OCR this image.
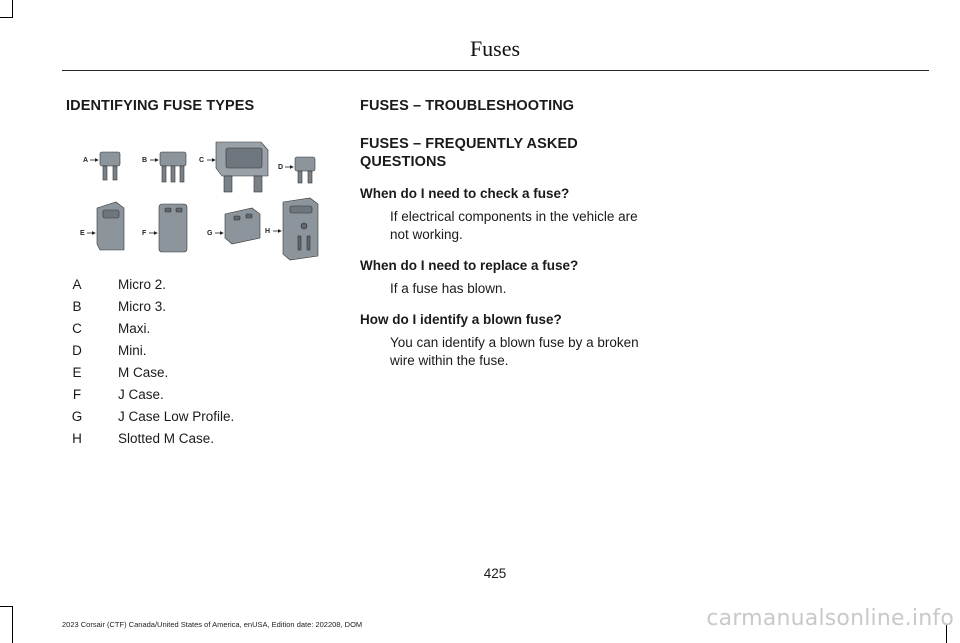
Fuses
IDENTIFYING FUSE TYPES
A	B	C
D
E	F	G	H
A	Micro 2.
B	Micro 3.
C	Maxi.
D	Mini.
E	M Case.
F	J Case.
G	J Case Low Profile.
H	Slotted M Case.
FUSES – TROUBLESHOOTING
FUSES – FREQUENTLY ASKED QUESTIONS
When do I need to check a fuse?
If electrical components in the vehicle are not working.
When do I need to replace a fuse?
If a fuse has blown.
How do I identify a blown fuse?
You can identify a blown fuse by a broken wire within the fuse.
425
2023 Corsair (CTF) Canada/United States of America, enUSA, Edition date: 202208, DOM	carmanualsonline.info
